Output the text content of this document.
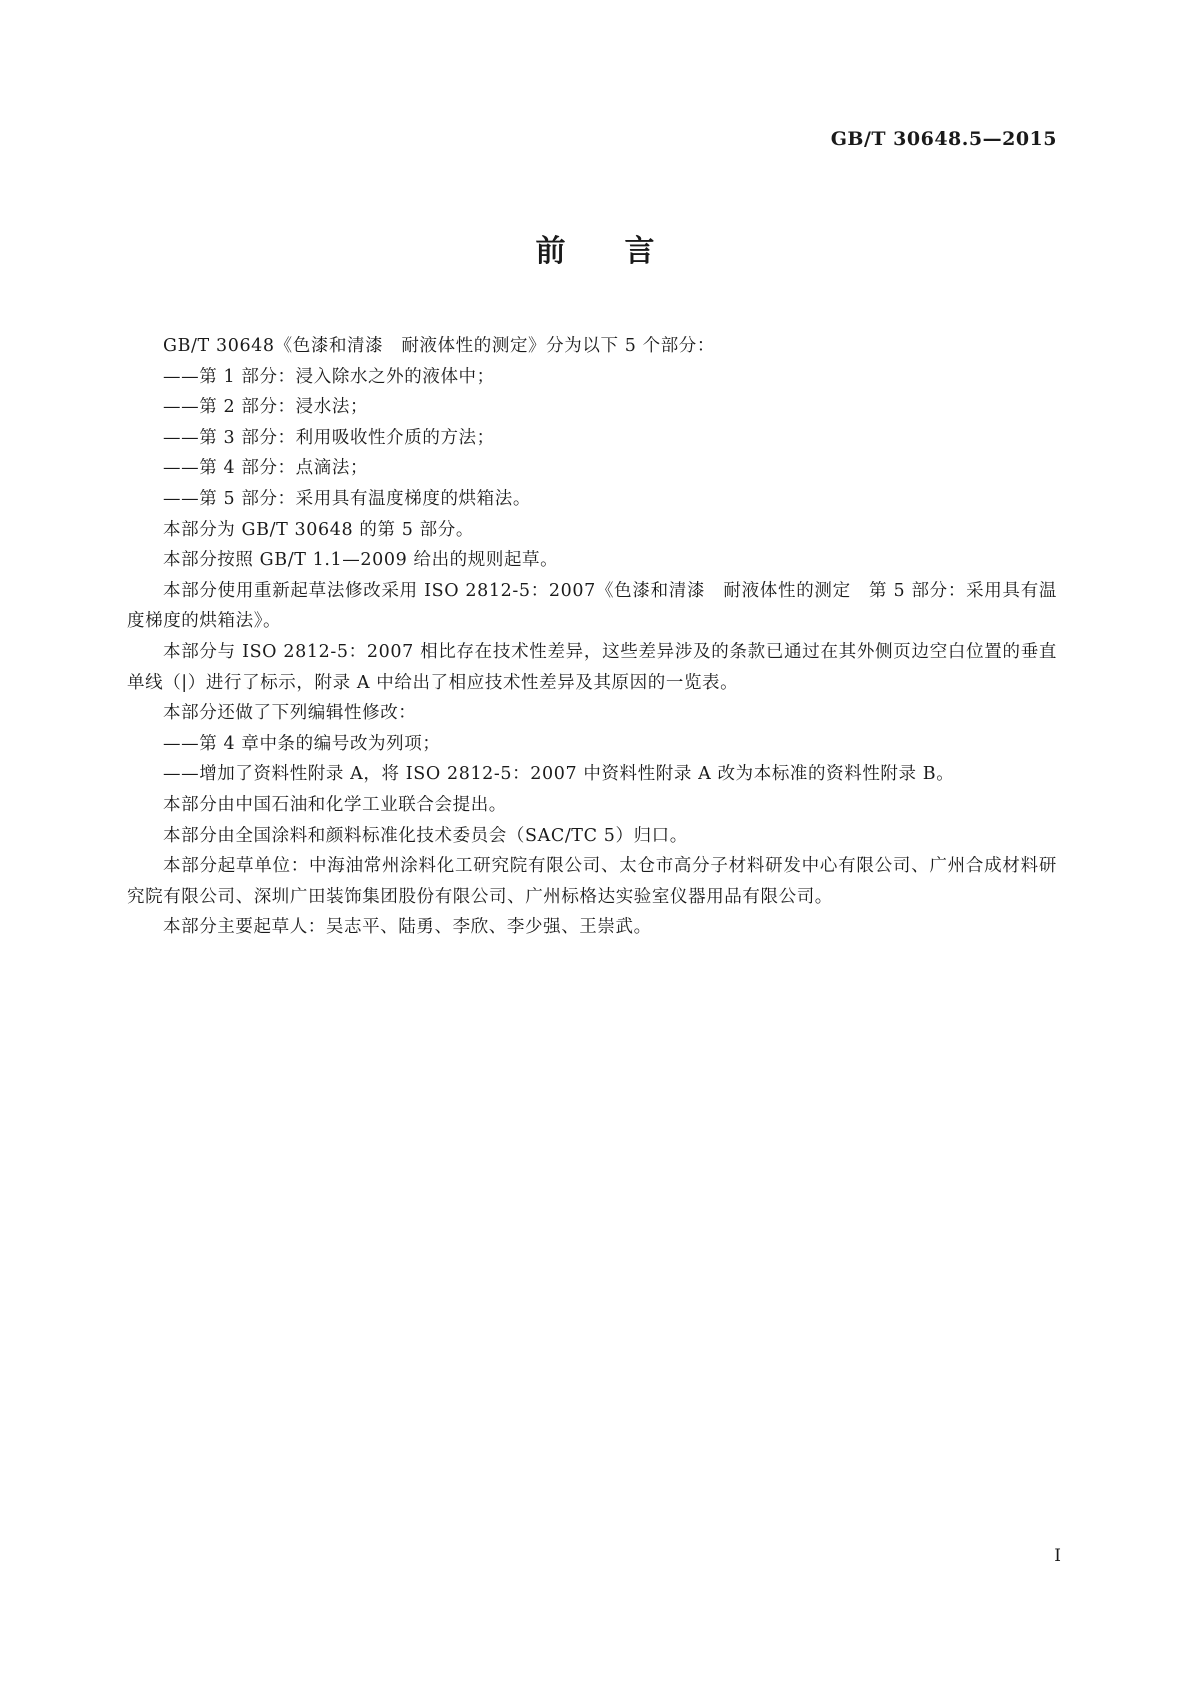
GB/T 30648.5—2015
前 言

GB/T 30648《色漆和清漆　耐液体性的测定》分为以下 5 个部分：

——第 1 部分：浸入除水之外的液体中；

——第 2 部分：浸水法；

——第 3 部分：利用吸收性介质的方法；

——第 4 部分：点滴法；

——第 5 部分：采用具有温度梯度的烘箱法。

本部分为 GB/T 30648 的第 5 部分。

本部分按照 GB/T 1.1—2009 给出的规则起草。

本部分使用重新起草法修改采用 ISO 2812-5：2007《色漆和清漆　耐液体性的测定　第 5 部分：采用具有温度梯度的烘箱法》。

本部分与 ISO 2812-5：2007 相比存在技术性差异，这些差异涉及的条款已通过在其外侧页边空白位置的垂直单线（|）进行了标示，附录 A 中给出了相应技术性差异及其原因的一览表。

本部分还做了下列编辑性修改：

——第 4 章中条的编号改为列项；

——增加了资料性附录 A，将 ISO 2812-5：2007 中资料性附录 A 改为本标准的资料性附录 B。

本部分由中国石油和化学工业联合会提出。

本部分由全国涂料和颜料标准化技术委员会（SAC/TC 5）归口。

本部分起草单位：中海油常州涂料化工研究院有限公司、太仓市高分子材料研发中心有限公司、广州合成材料研究院有限公司、深圳广田装饰集团股份有限公司、广州标格达实验室仪器用品有限公司。

本部分主要起草人：吴志平、陆勇、李欣、李少强、王崇武。

I
